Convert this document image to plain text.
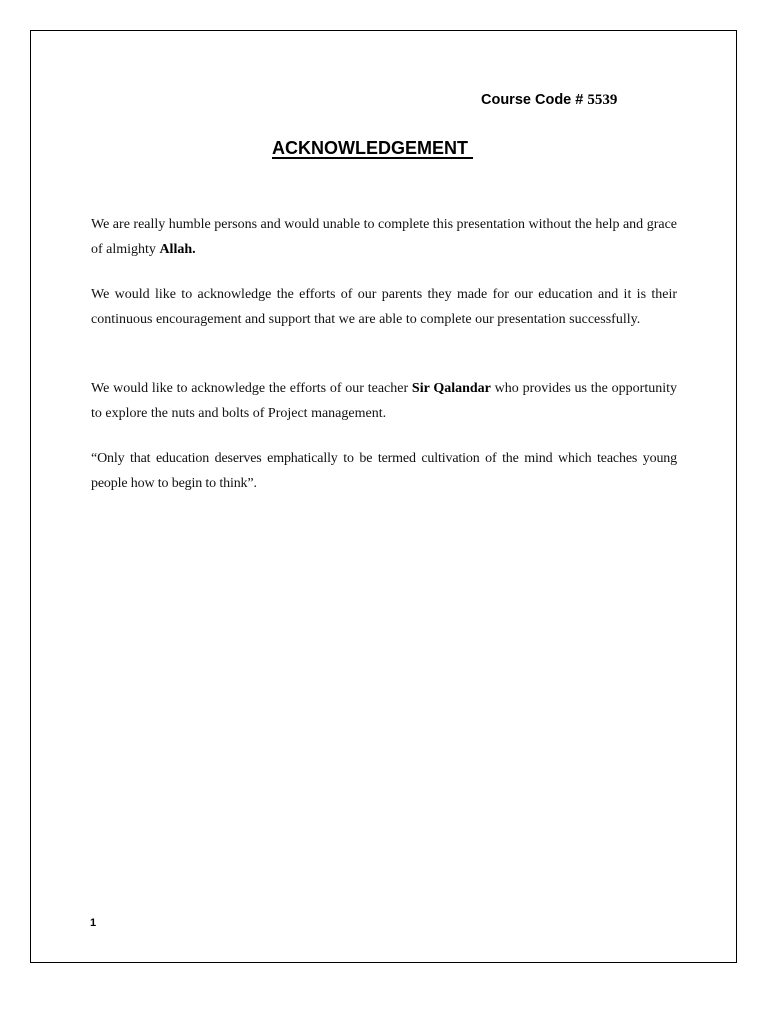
Course Code # 5539
ACKNOWLEDGEMENT

We are really humble persons and would unable to complete this presentation without the help and grace of almighty Allah.

We would like to acknowledge the efforts of our parents they made for our education and it is their continuous encouragement and support that we are able to complete our presentation successfully.

We would like to acknowledge the efforts of our teacher Sir Qalandar who provides us the opportunity to explore the nuts and bolts of Project management.

“Only that education deserves emphatically to be termed cultivation of the mind which teaches young people how to begin to think”.

1
